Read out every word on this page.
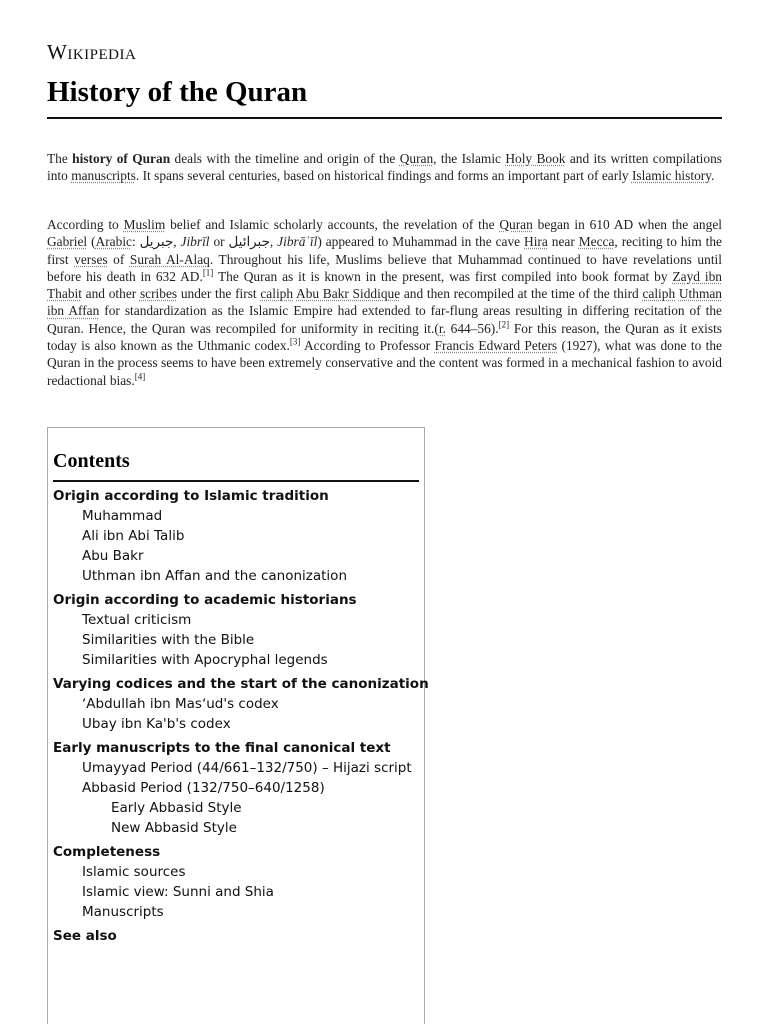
Wikipedia
History of the Quran

The history of Quran deals with the timeline and origin of the Quran, the Islamic Holy Book and its written compilations into manuscripts. It spans several centuries, based on historical findings and forms an important part of early Islamic history.

According to Muslim belief and Islamic scholarly accounts, the revelation of the Quran began in 610 AD when the angel Gabriel (Arabic: جبريل, Jibrīl or جبرائيل, Jibrāʾīl) appeared to Muhammad in the cave Hira near Mecca, reciting to him the first verses of Surah Al-Alaq. Throughout his life, Muslims believe that Muhammad continued to have revelations until before his death in 632 AD.[1] The Quran as it is known in the present, was first compiled into book format by Zayd ibn Thabit and other scribes under the first caliph Abu Bakr Siddique and then recompiled at the time of the third caliph Uthman ibn Affan for standardization as the Islamic Empire had extended to far-flung areas resulting in differing recitation of the Quran. Hence, the Quran was recompiled for uniformity in reciting it.(r. 644–56).[2] For this reason, the Quran as it exists today is also known as the Uthmanic codex.[3] According to Professor Francis Edward Peters (1927), what was done to the Quran in the process seems to have been extremely conservative and the content was formed in a mechanical fashion to avoid redactional bias.[4]

Contents
Origin according to Islamic tradition
Muhammad
Ali ibn Abi Talib
Abu Bakr
Uthman ibn Affan and the canonization
Origin according to academic historians
Textual criticism
Similarities with the Bible
Similarities with Apocryphal legends
Varying codices and the start of the canonization
ʻAbdullah ibn Masʻud's codex
Ubay ibn Ka'b's codex
Early manuscripts to the final canonical text
Umayyad Period (44/661–132/750) – Hijazi script
Abbasid Period (132/750–640/1258)
Early Abbasid Style
New Abbasid Style
Completeness
Islamic sources
Islamic view: Sunni and Shia
Manuscripts
See also
